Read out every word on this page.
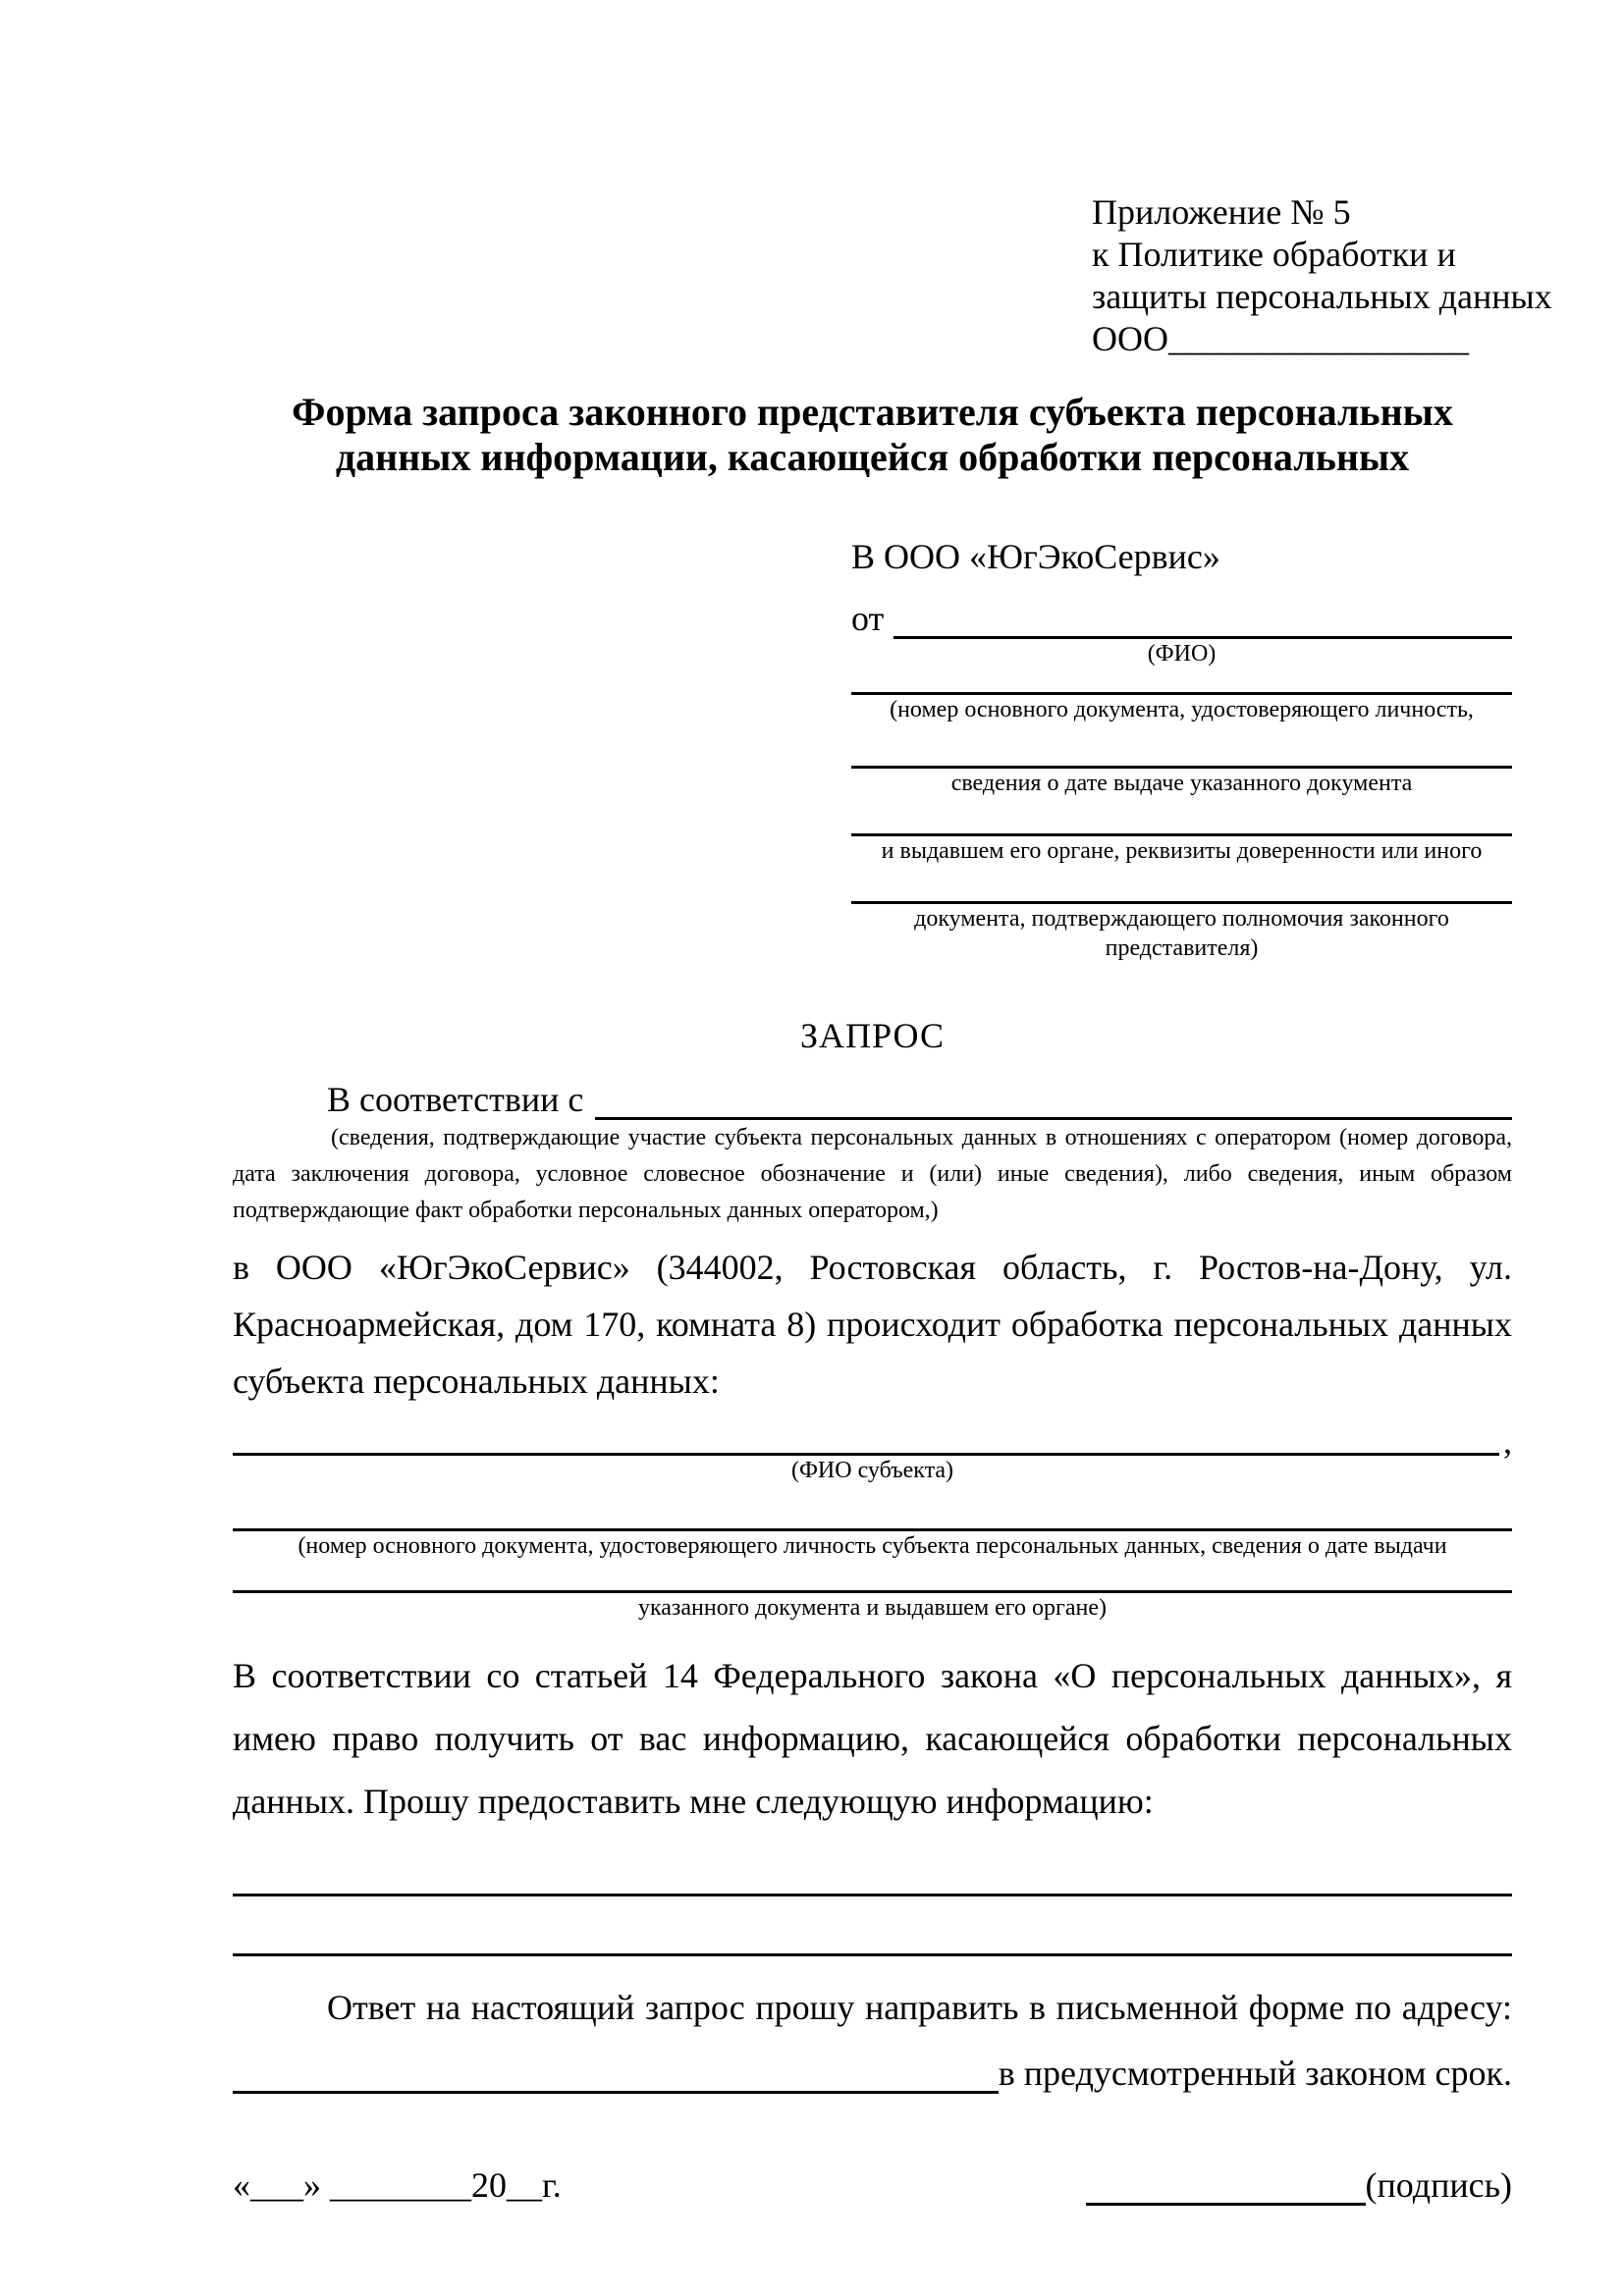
Приложение № 5
к Политике обработки и
защиты персональных данных
ООО_________________
Форма запроса законного представителя субъекта персональных
данных информации, касающейся обработки персональных
В ООО «ЮгЭкоСервис»
от
(ФИО)
(номер основного документа, удостоверяющего личность,
сведения о дате выдаче указанного документа
и выдавшем его органе, реквизиты доверенности или иного
документа, подтверждающего полномочия законного представителя)
ЗАПРОС
В соответствии с
(сведения, подтверждающие участие субъекта персональных данных в отношениях с оператором (номер договора, дата заключения договора, условное словесное обозначение и (или) иные сведения), либо сведения, иным образом подтверждающие факт обработки персональных данных оператором,)
в ООО «ЮгЭкоСервис» (344002, Ростовская область, г. Ростов-на-Дону, ул. Красноармейская, дом 170, комната 8) происходит обработка персональных данных субъекта персональных данных:
,
(ФИО субъекта)
(номер основного документа, удостоверяющего личность субъекта персональных данных, сведения о дате выдачи
указанного документа и выдавшем его органе)
В соответствии со статьей 14 Федерального закона «О персональных данных», я имею право получить от вас информацию, касающейся обработки персональных данных. Прошу предоставить мне следующую информацию:
Ответ на настоящий запрос прошу направить в письменной форме по адресу:
в предусмотренный законом срок.
«___» ________20__г.	(подпись)
